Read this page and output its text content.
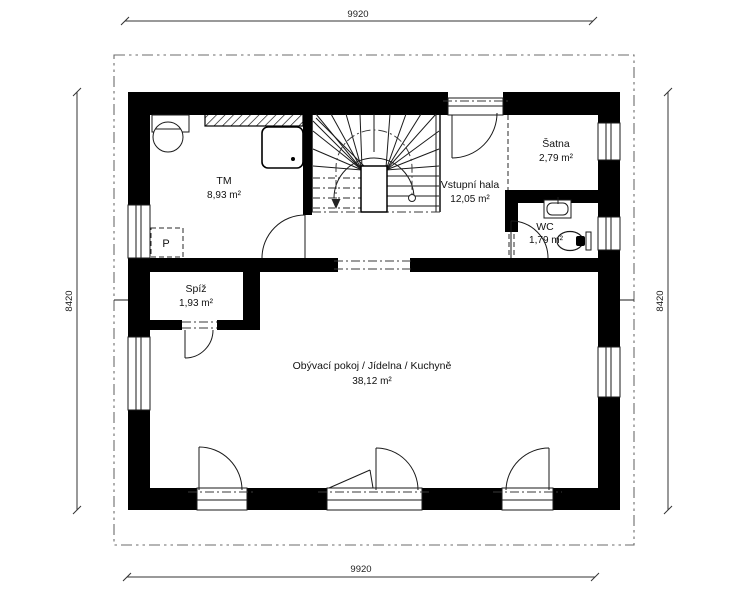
9920
9920
8420	8420
P
TM
8,93 m²
Vstupní hala
12,05 m²
Šatna
2,79 m²
WC
1,79 m²
Spíž
1,93 m²
Obývací pokoj / Jídelna / Kuchyně
38,12 m²
